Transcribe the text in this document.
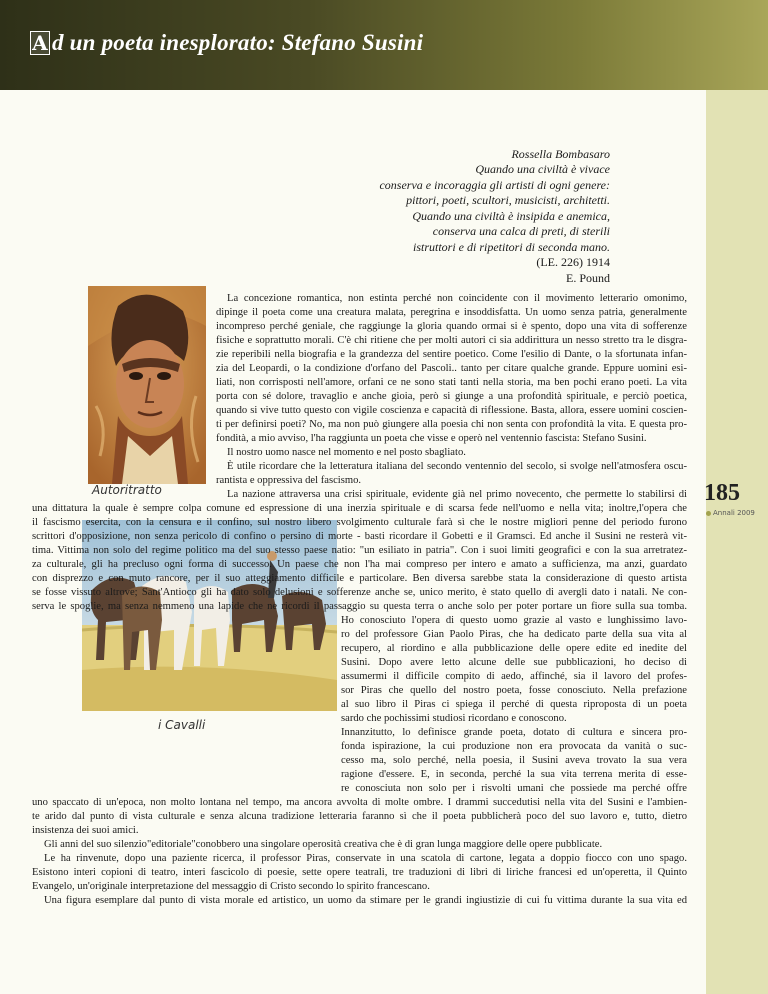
A d un poeta inesplorato: Stefano Susini

Rossella Bombasaro

Quando una civiltà è vivace
conserva e incoraggia gli artisti di ogni genere:
pittori, poeti, scultori, musicisti, architetti.
Quando una civiltà è insipida e anemica,
conserva una calca di preti, di sterili
istruttori e di ripetitori di seconda mano.
(LE. 226) 1914
E. Pound

Autoritratto

i Cavalli

185

Annali 2009

La concezione romantica, non estinta perché non coincidente con il movimento letterario omonimo,

dipinge il poeta come una creatura malata, peregrina e insoddisfatta. Un uomo senza patria, generalmente

incompreso perché geniale, che raggiunge la gloria quando ormai si è spento, dopo una vita di sofferenze

fisiche e soprattutto morali. C'è chi ritiene che per molti autori ci sia addirittura un nesso stretto tra le disgra-

zie reperibili nella biografia e la grandezza del sentire poetico. Come l'esilio di Dante, o la sfortunata infan-

zia del Leopardi, o la condizione d'orfano del Pascoli.. tanto per citare qualche grande. Eppure uomini esi-

liati, non corrisposti nell'amore, orfani ce ne sono stati tanti nella storia, ma ben pochi erano poeti. La vita

porta con sé dolore, travaglio e anche gioia, però si giunge a una profondità spirituale, e perciò poetica,

quando si vive tutto questo con vigile coscienza e capacità di riflessione. Basta, allora, essere uomini coscien-

ti per definirsi poeti? No, ma non può giungere alla poesia chi non senta con profondità la vita. E questa pro-

fondità, a mio avviso, l'ha raggiunta un poeta che visse e operò nel ventennio fascista: Stefano Susini.

Il nostro uomo nasce nel momento e nel posto sbagliato.

È utile ricordare che la letteratura italiana del secondo ventennio del secolo, si svolge nell'atmosfera oscu-

rantista e oppressiva del fascismo.

La nazione attraversa una crisi spirituale, evidente già nel primo novecento, che permette lo stabilirsi di

una dittatura la quale è sempre colpa comune ed espressione di una inerzia spirituale e di scarsa fede nell'uomo e nella vita; inoltre,l'opera che

il fascismo esercita, con la censura e il confino, sul nostro libero svolgimento culturale farà sì che le nostre migliori penne del periodo furono

scrittori d'opposizione, non senza pericolo di confino o persino di morte - basti ricordare il Gobetti e il Gramsci. Ed anche il Susini ne resterà vit-

tima. Vittima non solo del regime politico ma del suo stesso paese natio: "un esiliato in patria". Con i suoi limiti geografici e con la sua arretratez-

za culturale, gli ha precluso ogni forma di successo. Un paese che non l'ha mai compreso per intero e amato a sufficienza, ma anzi, guardato

con disprezzo e con muto rancore, per il suo atteggiamento difficile e particolare. Ben diversa sarebbe stata la considerazione di questo artista

se fosse vissuto altrove; Sant'Antioco gli ha dato solo delusioni e sofferenze anche se, unico merito, è stato quello di avergli dato i natali. Ne con-

serva le spoglie, ma senza nemmeno una lapide che ne ricordi il passaggio su questa terra o anche solo per poter portare un fiore sulla sua tomba.

Ho conosciuto l'opera di questo uomo grazie al vasto e lunghissimo lavo-

ro del professore Gian Paolo Piras, che ha dedicato parte della sua vita al

recupero, al riordino e alla pubblicazione delle opere edite ed inedite del

Susini. Dopo avere letto alcune delle sue pubblicazioni, ho deciso di

assumermi il difficile compito di aedo, affinché, sia il lavoro del profes-

sor Piras che quello del nostro poeta, fosse conosciuto. Nella prefazione

al suo libro il Piras ci spiega il perché di questa riproposta di un poeta

sardo che pochissimi studiosi ricordano e conoscono.

Innanzitutto, lo definisce grande poeta, dotato di cultura e sincera pro-

fonda ispirazione, la cui produzione non era provocata da vanità o suc-

cesso ma, solo perché, nella poesia, il Susini aveva trovato la sua vera

ragione d'essere. E, in seconda, perché la sua vita terrena merita di esse-

re conosciuta non solo per i risvolti umani che possiede ma perché offre

uno spaccato di un'epoca, non molto lontana nel tempo, ma ancora avvolta di molte ombre. I drammi succedutisi nella vita del Susini e l'ambien-

te arido dal punto di vista culturale e senza alcuna tradizione letteraria faranno sì che il poeta pubblicherà poco del suo lavoro e, tutto, dietro

insistenza dei suoi amici.

Gli anni del suo silenzio"editoriale"conobbero una singolare operosità creativa che è di gran lunga maggiore delle opere pubblicate.

Le ha rinvenute, dopo una paziente ricerca, il professor Piras, conservate in una scatola di cartone, legata a doppio fiocco con uno spago.

Esistono interi copioni di teatro, interi fascicolo di poesie, sette opere teatrali, tre traduzioni di libri di liriche francesi ed un'operetta, il Quinto

Evangelo, un'originale interpretazione del messaggio di Cristo secondo lo spirito francescano.

Una figura esemplare dal punto di vista morale ed artistico, un uomo da stimare per le grandi ingiustizie di cui fu vittima durante la sua vita ed
